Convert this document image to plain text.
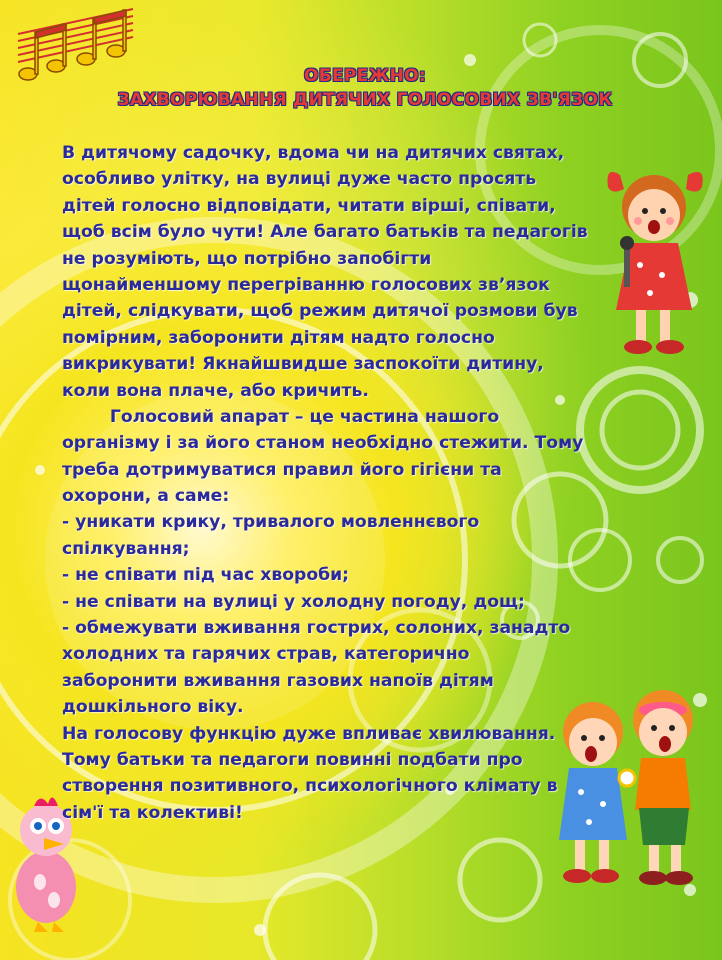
ОБЕРЕЖНО:
ЗАХВОРЮВАННЯ ДИТЯЧИХ ГОЛОСОВИХ ЗВ'ЯЗОК
В дитячому садочку, вдома чи на дитячих святах,
особливо улітку, на вулиці дуже часто просять
дітей голосно відповідати, читати вірші, співати,
щоб всім було чути! Але багато батьків та педагогів
не розуміють, що потрібно запобігти
щонайменшому перегріванню голосових зв’язок
дітей, слідкувати, щоб режим дитячої розмови був
помірним, заборонити дітям надто голосно
викрикувати! Якнайшвидше заспокоїти дитину,
коли вона плаче, або кричить.
Голосовий апарат – це частина нашого
організму і за його станом необхідно стежити. Тому
треба дотримуватися правил його гігієни та
охорони, а саме:
- уникати крику, тривалого мовленнєвого
спілкування;
- не співати під час хвороби;
- не співати на вулиці у холодну погоду, дощ;
- обмежувати вживання гострих, солоних, занадто
холодних та гарячих страв, категорично
заборонити вживання газових напоїв дітям
дошкільного віку.
На голосову функцію дуже впливає хвилювання.
Тому батьки та педагоги повинні подбати про
створення позитивного, психологічного клімату в
сім'ї та колективі!
